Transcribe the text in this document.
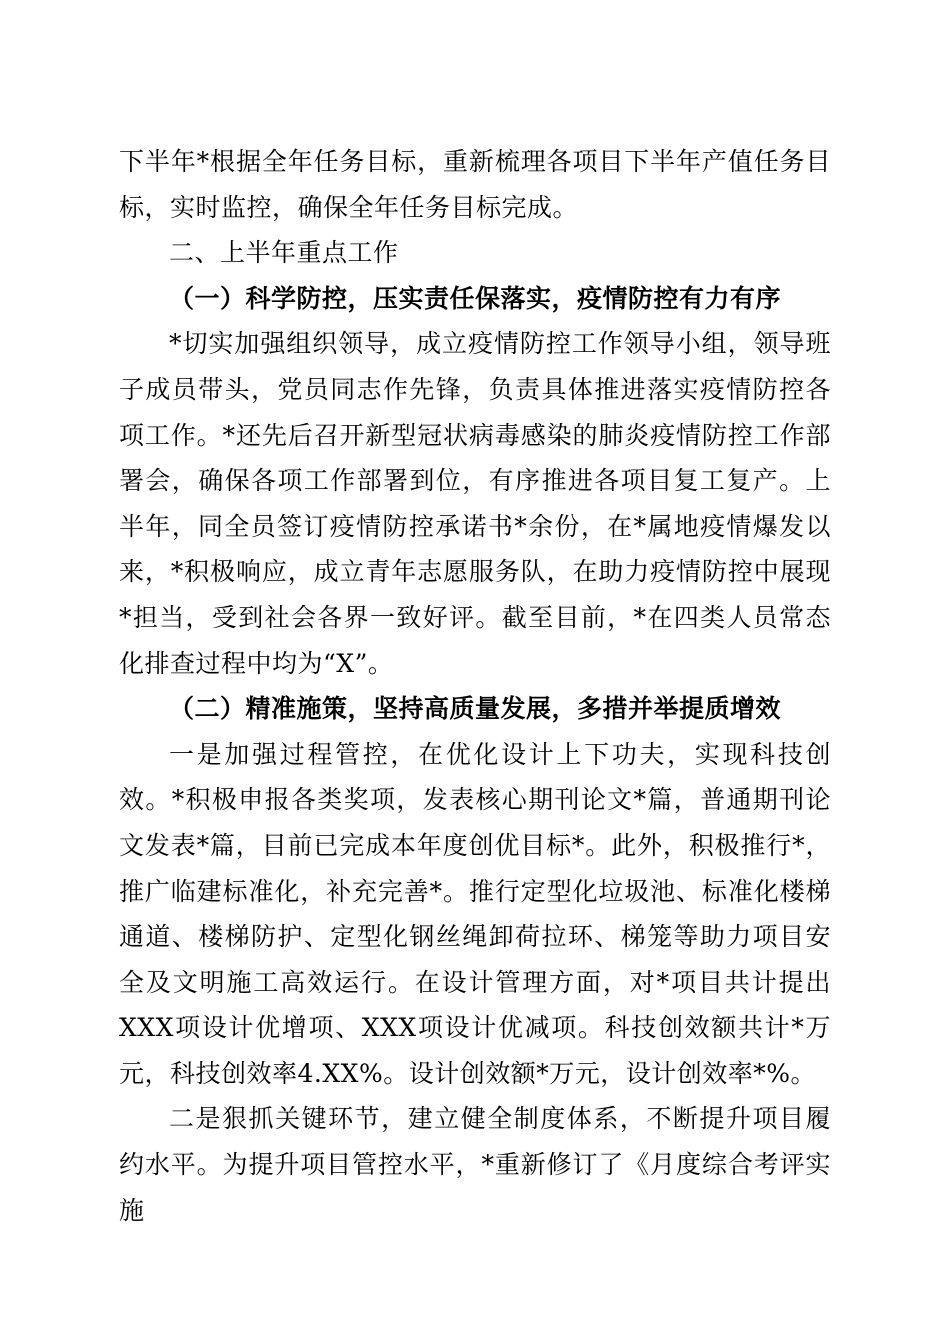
下半年*根据全年任务目标，重新梳理各项目下半年产值任务目标，实时监控，确保全年任务目标完成。

二、上半年重点工作

（一）科学防控，压实责任保落实，疫情防控有力有序

*切实加强组织领导，成立疫情防控工作领导小组，领导班子成员带头，党员同志作先锋，负责具体推进落实疫情防控各项工作。*还先后召开新型冠状病毒感染的肺炎疫情防控工作部署会，确保各项工作部署到位，有序推进各项目复工复产。上半年，同全员签订疫情防控承诺书*余份，在*属地疫情爆发以来，*积极响应，成立青年志愿服务队，在助力疫情防控中展现*担当，受到社会各界一致好评。截至目前，*在四类人员常态化排查过程中均为“X”。

（二）精准施策，坚持高质量发展，多措并举提质增效

一是加强过程管控，在优化设计上下功夫，实现科技创效。*积极申报各类奖项，发表核心期刊论文*篇，普通期刊论文发表*篇，目前已完成本年度创优目标*。此外，积极推行*，推广临建标准化，补充完善*。推行定型化垃圾池、标准化楼梯通道、楼梯防护、定型化钢丝绳卸荷拉环、梯笼等助力项目安全及文明施工高效运行。在设计管理方面，对*项目共计提出XXX项设计优增项、XXX项设计优减项。科技创效额共计*万元，科技创效率4.XX%。设计创效额*万元，设计创效率*%。

二是狠抓关键环节，建立健全制度体系，不断提升项目履约水平。为提升项目管控水平，*重新修订了《月度综合考评实施
